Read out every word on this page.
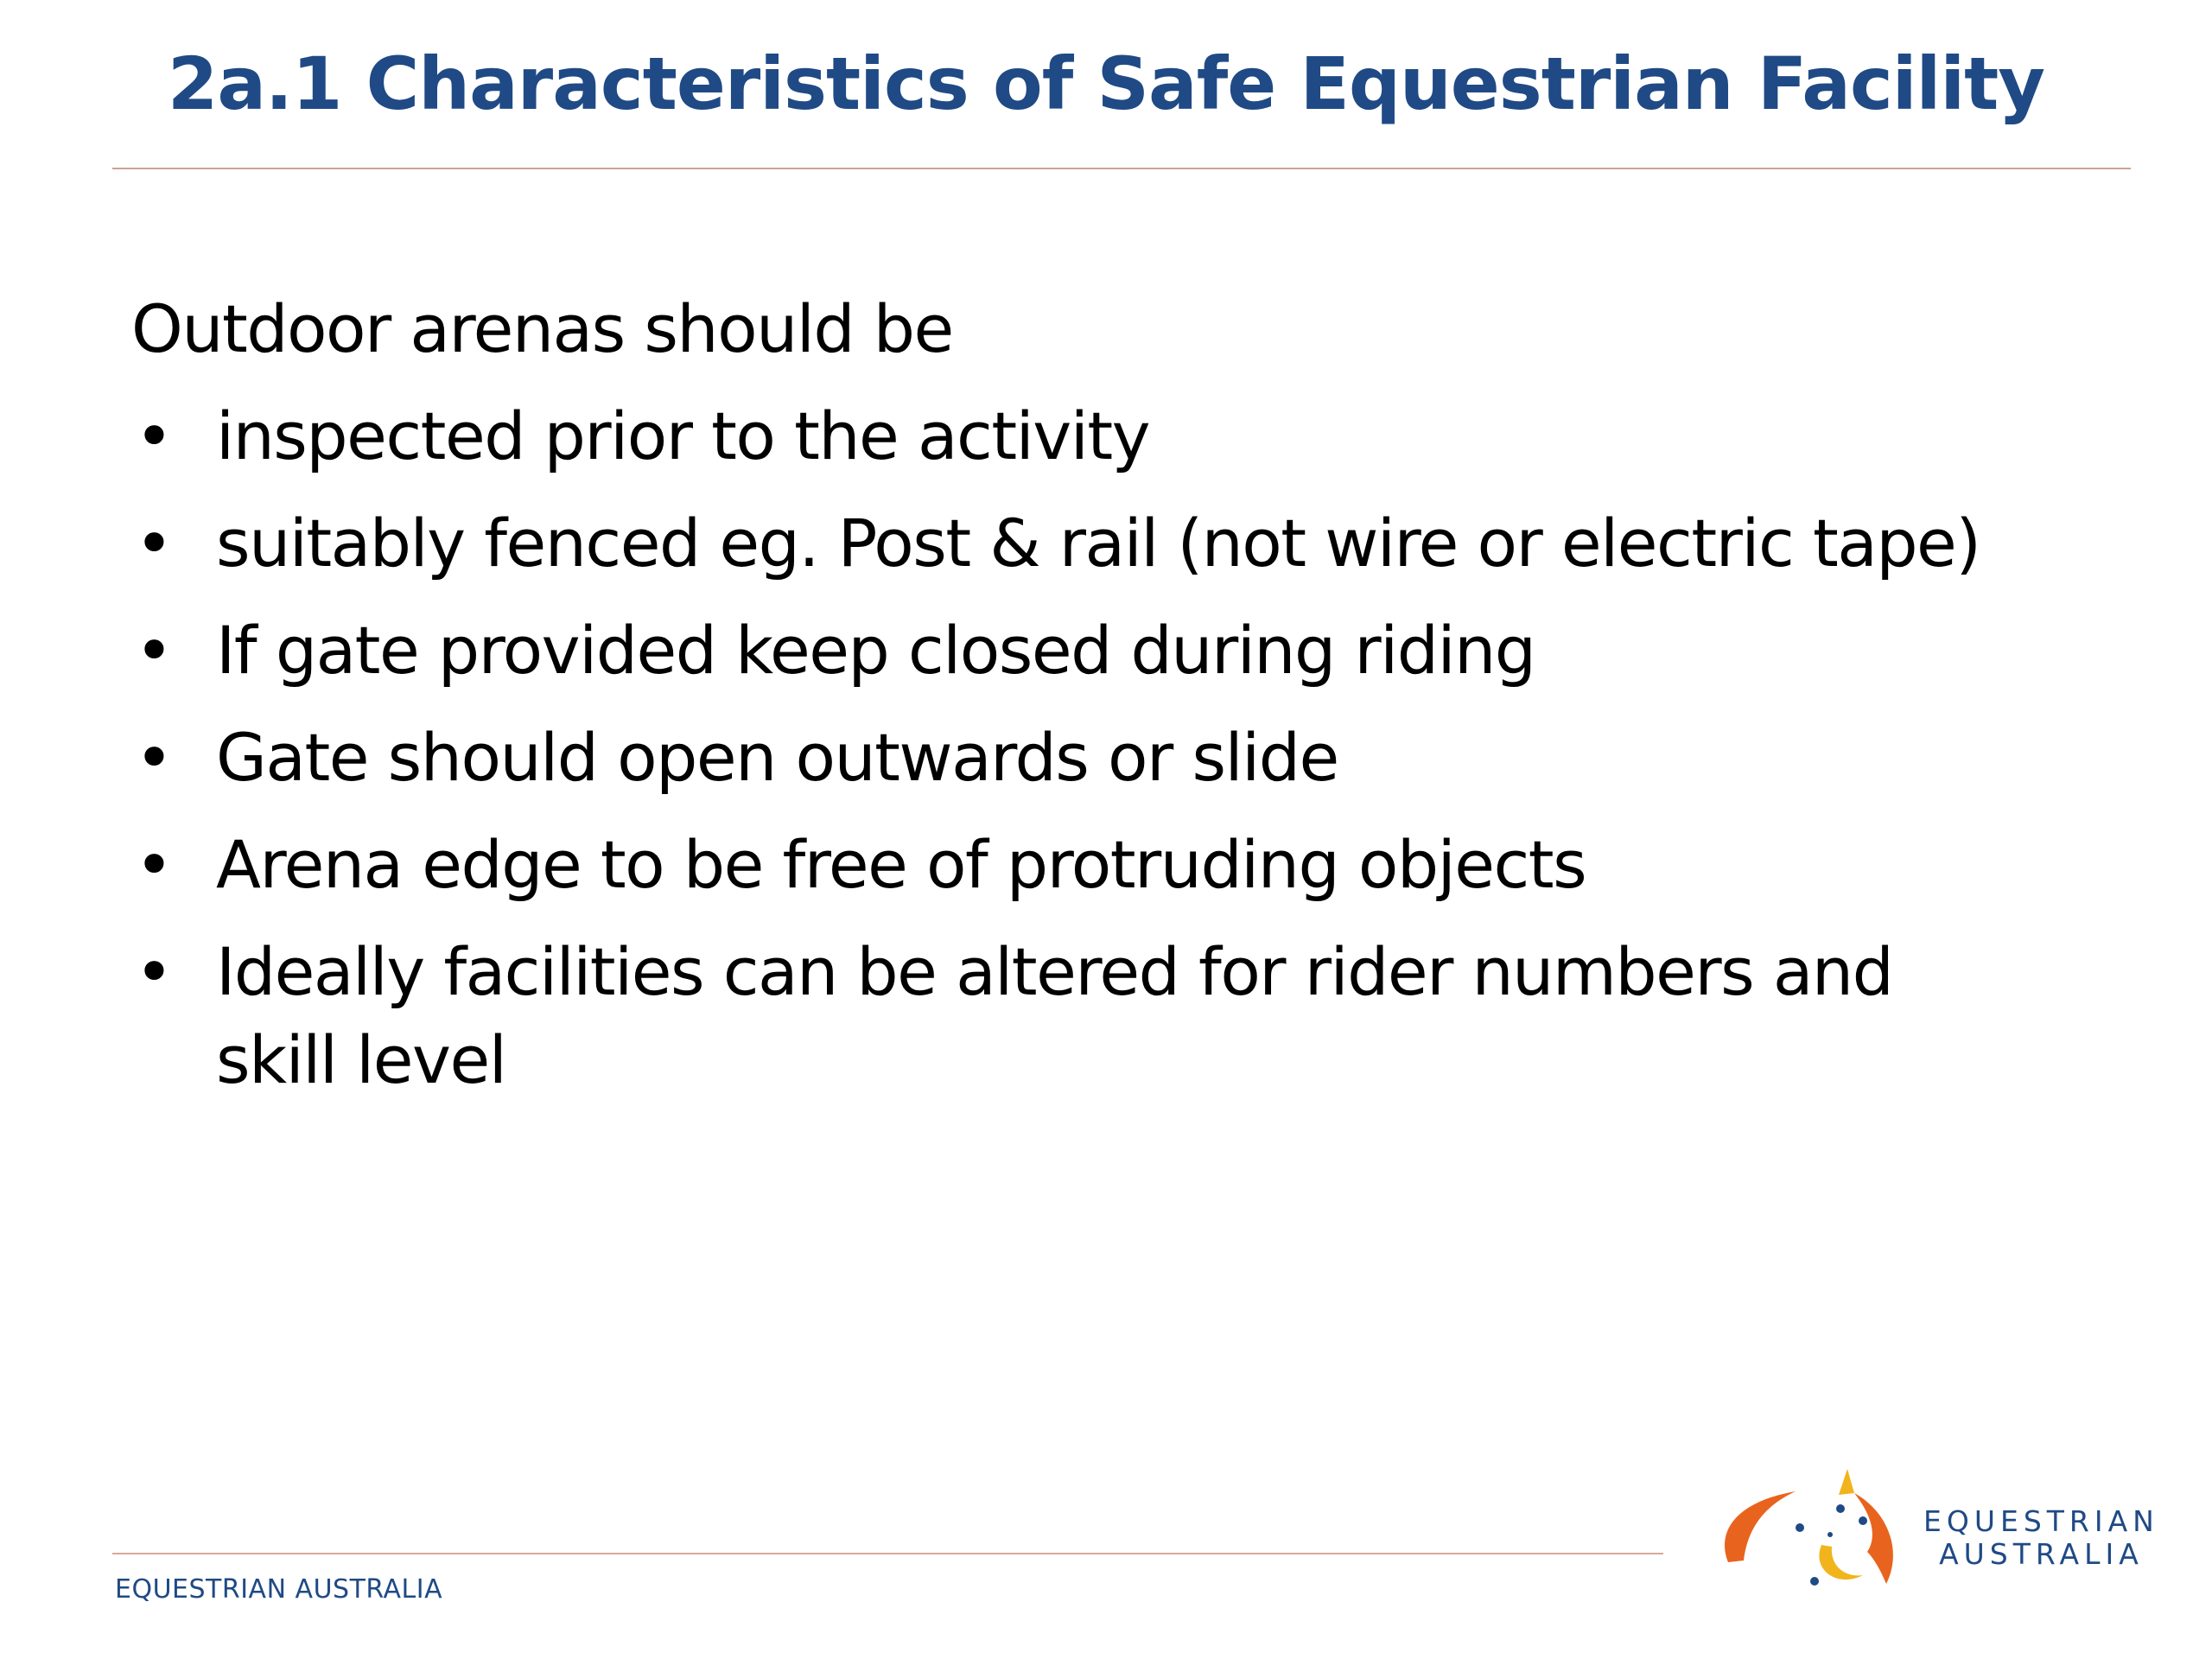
2a.1 Characteristics of Safe Equestrian Facility
Outdoor arenas should be
• inspected prior to the activity
• suitably fenced eg. Post & rail (not wire or electric tape)
• If gate provided keep closed during riding
• Gate should open outwards or slide
• Arena edge to be free of protruding objects
• Ideally facilities can be altered for rider numbers and skill level
EQUESTRIAN AUSTRALIA
EQUESTRIAN
AUSTRALIA
